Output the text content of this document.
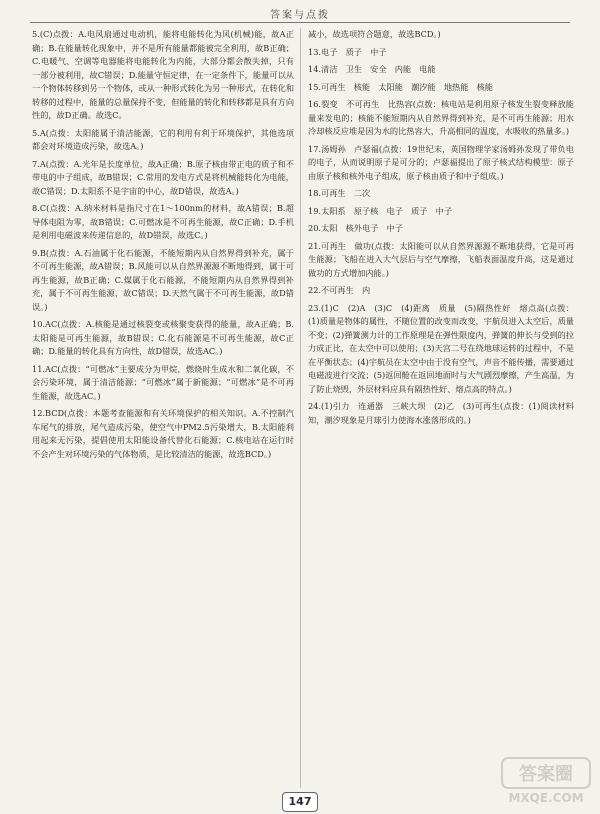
答案与点拨
5.(C)点拨：A.电风扇通过电动机，能将电能转化为风(机械)能，故A正确；B.在能量转化现象中，并不是所有能量都能被完全利用，故B正确；C.电暖气、空调等电器能将电能转化为内能，大部分都会散失掉，只有一部分被利用，故C错误；D.能量守恒定律，在一定条件下，能量可以从一个物体转移到另一个物体，或从一种形式转化为另一种形式，在转化和转移的过程中，能量的总量保持不变，但能量的转化和转移都是具有方向性的，故D正确。故选C。
5.A(点拨：太阳能属于清洁能源，它的利用有利于环境保护，其他选项都会对环境造成污染，故选A。)
7.A(点拨：A.光年是长度单位，故A正确；B.原子核由带正电的质子和不带电的中子组成，故B错误；C.常用的发电方式是将机械能转化为电能，故C错误；D.太阳系不是宇宙的中心，故D错误，故选A。)
8.C(点拨：A.纳米材料是指尺寸在1～100nm的材料，故A错误；B.超导体电阻为零，故B错误；C.可燃冰是不可再生能源，故C正确；D.手机是利用电磁波来传递信息的，故D错误，故选C。)
9.B(点拨：A.石油属于化石能源，不能短期内从自然界得到补充，属于不可再生能源，故A错误；B.风能可以从自然界源源不断地得到，属于可再生能源，故B正确；C.煤属于化石能源，不能短期内从自然界得到补充，属于不可再生能源，故C错误；D.天然气属于不可再生能源，故D错误。)
10.AC(点拨：A.核能是通过核裂变或核聚变获得的能量，故A正确；B.太阳能是可再生能源，故B错误；C.化石能源是不可再生能源，故C正确；D.能量的转化具有方向性，故D错误，故选AC。)
11.AC(点拨：“可燃冰”主要成分为甲烷，燃烧时生成水和二氧化碳，不会污染环境，属于清洁能源；“可燃冰”属于新能源；“可燃冰”是不可再生能源，故选AC。)
12.BCD(点拨：本题考查能源和有关环境保护的相关知识。A.不控制汽车尾气的排放，尾气造成污染，使空气中PM2.5污染增大，B.太阳能利用起来无污染，提倡使用太阳能设备代替化石能源；C.核电站在运行时不会产生对环境污染的气体物质，是比较清洁的能源，故选BCD。)
减小，故选项符合题意，故选BCD。)
13.电子　质子　中子
14.清洁　卫生　安全　内能　电能
15.可再生　核能　太阳能　潮汐能　地热能　核能
16.裂变　不可再生　比热容(点拨：核电站是利用原子核发生裂变释放能量来发电的；核能不能短期内从自然界得到补充，是不可再生能源；用水冷却核反应堆是因为水的比热容大，升高相同的温度，水吸收的热量多。)
17.汤姆孙　卢瑟福(点拨：19世纪末，英国物理学家汤姆孙发现了带负电的电子，从而说明原子是可分的；卢瑟福提出了原子核式结构模型：原子由原子核和核外电子组成，原子核由质子和中子组成。)
18.可再生　二次
19.太阳系　原子核　电子　质子　中子
20.太阳　核外电子　中子
21.可再生　做功(点拨：太阳能可以从自然界源源不断地获得，它是可再生能源；飞船在进入大气层后与空气摩擦，飞船表面温度升高，这是通过做功的方式增加内能。)
22.不可再生　内
23.(1)C　(2)A　(3)C　(4)距离　质量　(5)隔热性好　熔点高(点拨：(1)质量是物体的属性，不随位置的改变而改变，宇航员进入太空后，质量不变；(2)弹簧测力计的工作原理是在弹性限度内，弹簧的伸长与受到的拉力成正比，在太空中可以使用；(3)天宫二号在绕地球运转的过程中，不是在平衡状态；(4)宇航员在太空中由于没有空气，声音不能传播，需要通过电磁波进行交流；(5)返回舱在返回地面时与大气剧烈摩擦，产生高温，为了防止烧毁，外层材料应具有隔热性好、熔点高的特点。)
24.(1)引力　连通器　三峡大坝　(2)乙　(3)可再生(点拨：(1)阅读材料知，潮汐现象是月球引力使海水涨落形成的。)
147
答案圈
MXQE.COM
